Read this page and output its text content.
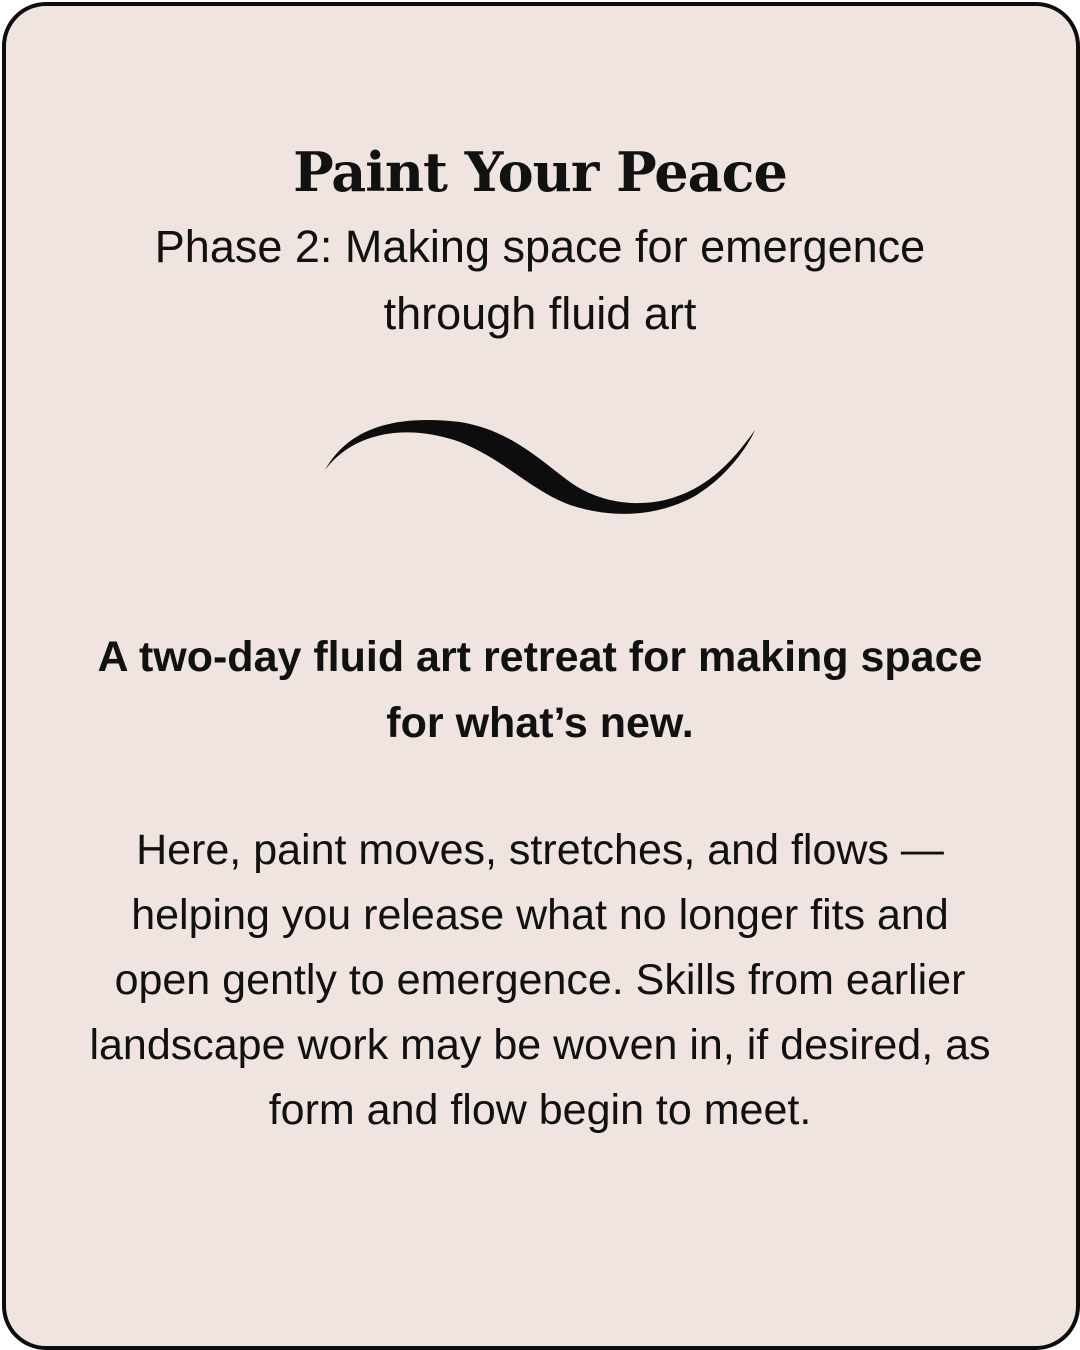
Paint Your Peace
Phase 2: Making space for emergence through fluid art
A two-day fluid art retreat for making space for what’s new.
Here, paint moves, stretches, and flows — helping you release what no longer fits and open gently to emergence. Skills from earlier landscape work may be woven in, if desired, as form and flow begin to meet.
